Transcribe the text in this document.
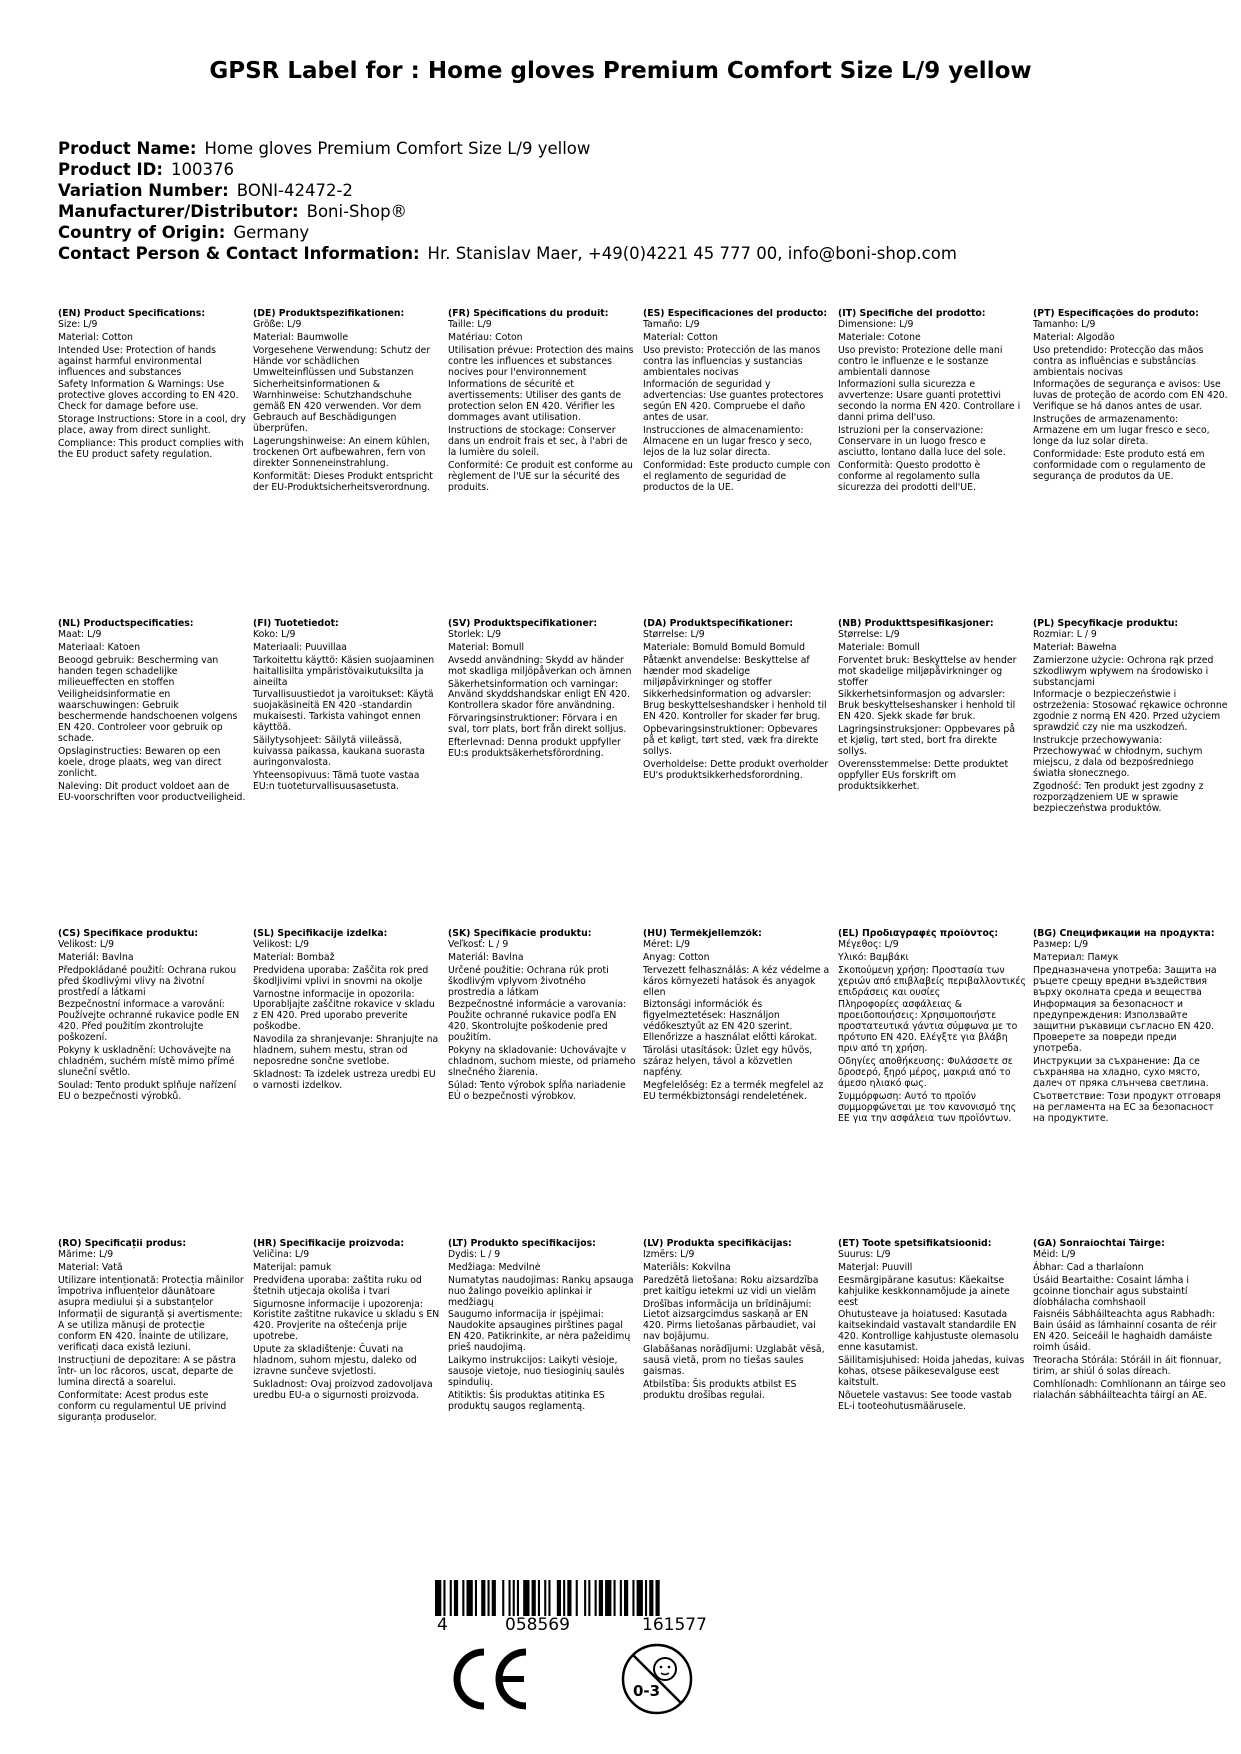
GPSR Label for : Home gloves Premium Comfort Size L/9 yellow
Product Name: Home gloves Premium Comfort Size L/9 yellow
Product ID: 100376
Variation Number: BONI-42472-2
Manufacturer/Distributor: Boni-Shop®
Country of Origin: Germany
Contact Person & Contact Information: Hr. Stanislav Maer, +49(0)4221 45 777 00, info@boni-shop.com
(EN) Product Specifications:
Size: L/9
Material: Cotton
Intended Use: Protection of hands against harmful environmental influences and substances
Safety Information & Warnings: Use protective gloves according to EN 420. Check for damage before use.
Storage Instructions: Store in a cool, dry place, away from direct sunlight.
Compliance: This product complies with the EU product safety regulation.
(DE) Produktspezifikationen:
Größe: L/9
Material: Baumwolle
Vorgesehene Verwendung: Schutz der Hände vor schädlichen Umwelteinflüssen und Substanzen
Sicherheitsinformationen & Warnhinweise: Schutzhandschuhe gemäß EN 420 verwenden. Vor dem Gebrauch auf Beschädigungen überprüfen.
Lagerungshinweise: An einem kühlen, trockenen Ort aufbewahren, fern von direkter Sonneneinstrahlung.
Konformität: Dieses Produkt entspricht der EU-Produktsicherheitsverordnung.
(FR) Spécifications du produit:
Taille: L/9
Matériau: Coton
Utilisation prévue: Protection des mains contre les influences et substances nocives pour l'environnement
Informations de sécurité et avertissements: Utiliser des gants de protection selon EN 420. Vérifier les dommages avant utilisation.
Instructions de stockage: Conserver dans un endroit frais et sec, à l'abri de la lumière du soleil.
Conformité: Ce produit est conforme au règlement de l'UE sur la sécurité des produits.
(ES) Especificaciones del producto:
Tamaño: L/9
Material: Cotton
Uso previsto: Protección de las manos contra las influencias y sustancias ambientales nocivas
Información de seguridad y advertencias: Use guantes protectores según EN 420. Compruebe el daño antes de usar.
Instrucciones de almacenamiento: Almacene en un lugar fresco y seco, lejos de la luz solar directa.
Conformidad: Este producto cumple con el reglamento de seguridad de productos de la UE.
(IT) Specifiche del prodotto:
Dimensione: L/9
Materiale: Cotone
Uso previsto: Protezione delle mani contro le influenze e le sostanze ambientali dannose
Informazioni sulla sicurezza e avvertenze: Usare guanti protettivi secondo la norma EN 420. Controllare i danni prima dell'uso.
Istruzioni per la conservazione: Conservare in un luogo fresco e asciutto, lontano dalla luce del sole.
Conformità: Questo prodotto è conforme al regolamento sulla sicurezza dei prodotti dell'UE.
(PT) Especificações do produto:
Tamanho: L/9
Material: Algodão
Uso pretendido: Protecção das mãos contra as influências e substâncias ambientais nocivas
Informações de segurança e avisos: Use luvas de proteção de acordo com EN 420. Verifique se há danos antes de usar.
Instruções de armazenamento: Armazene em um lugar fresco e seco, longe da luz solar direta.
Conformidade: Este produto está em conformidade com o regulamento de segurança de produtos da UE.
(NL) Productspecificaties:
Maat: L/9
Materiaal: Katoen
Beoogd gebruik: Bescherming van handen tegen schadelijke milieueffecten en stoffen
Veiligheidsinformatie en waarschuwingen: Gebruik beschermende handschoenen volgens EN 420. Controleer voor gebruik op schade.
Opslaginstructies: Bewaren op een koele, droge plaats, weg van direct zonlicht.
Naleving: Dit product voldoet aan de EU-voorschriften voor productveiligheid.
(FI) Tuotetiedot:
Koko: L/9
Materiaali: Puuvillaa
Tarkoitettu käyttö: Käsien suojaaminen haitallisilta ympäristövaikutuksilta ja aineilta
Turvallisuustiedot ja varoitukset: Käytä suojakäsineitä EN 420 -standardin mukaisesti. Tarkista vahingot ennen käyttöä.
Säilytysohjeet: Säilytä viileässä, kuivassa paikassa, kaukana suorasta auringonvalosta.
Yhteensopivuus: Tämä tuote vastaa EU:n tuoteturvallisuusasetusta.
(SV) Produktspecifikationer:
Storlek: L/9
Material: Bomull
Avsedd användning: Skydd av händer mot skadliga miljöpåverkan och ämnen
Säkerhetsinformation och varningar: Använd skyddshandskar enligt EN 420. Kontrollera skador före användning.
Förvaringsinstruktioner: Förvara i en sval, torr plats, bort från direkt solljus.
Efterlevnad: Denna produkt uppfyller EU:s produktsäkerhetsförordning.
(DA) Produktspecifikationer:
Størrelse: L/9
Materiale: Bomuld Bomuld Bomuld
Påtænkt anvendelse: Beskyttelse af hænder mod skadelige miljøpåvirkninger og stoffer
Sikkerhedsinformation og advarsler: Brug beskyttelseshandsker i henhold til EN 420. Kontroller for skader før brug.
Opbevaringsinstruktioner: Opbevares på et køligt, tørt sted, væk fra direkte sollys.
Overholdelse: Dette produkt overholder EU's produktsikkerhedsforordning.
(NB) Produkttspesifikasjoner:
Størrelse: L/9
Materiale: Bomull
Forventet bruk: Beskyttelse av hender mot skadelige miljøpåvirkninger og stoffer
Sikkerhetsinformasjon og advarsler: Bruk beskyttelseshansker i henhold til EN 420. Sjekk skade før bruk.
Lagringsinstruksjoner: Oppbevares på et kjølig, tørt sted, bort fra direkte sollys.
Overensstemmelse: Dette produktet oppfyller EUs forskrift om produktsikkerhet.
(PL) Specyfikacje produktu:
Rozmiar: L / 9
Materiał: Bawełna
Zamierzone użycie: Ochrona rąk przed szkodliwym wpływem na środowisko i substancjami
Informacje o bezpieczeństwie i ostrzeżenia: Stosować rękawice ochronne zgodnie z normą EN 420. Przed użyciem sprawdzić czy nie ma uszkodzeń.
Instrukcje przechowywania: Przechowywać w chłodnym, suchym miejscu, z dala od bezpośredniego światła słonecznego.
Zgodność: Ten produkt jest zgodny z rozporządzeniem UE w sprawie bezpieczeństwa produktów.
(CS) Specifikace produktu:
Velikost: L/9
Materiál: Bavlna
Předpokládané použití: Ochrana rukou před škodlivými vlivy na životní prostředí a látkami
Bezpečnostní informace a varování: Používejte ochranné rukavice podle EN 420. Před použitím zkontrolujte poškození.
Pokyny k uskladnění: Uchovávejte na chladném, suchém místě mimo přímé sluneční světlo.
Soulad: Tento produkt splňuje nařízení EU o bezpečnosti výrobků.
(SL) Specifikacije izdelka:
Velikost: L/9
Material: Bombaž
Predvidena uporaba: Zaščita rok pred škodljivimi vplivi in snovmi na okolje
Varnostne informacije in opozorila: Uporabljajte zaščitne rokavice v skladu z EN 420. Pred uporabo preverite poškodbe.
Navodila za shranjevanje: Shranjujte na hladnem, suhem mestu, stran od neposredne sončne svetlobe.
Skladnost: Ta izdelek ustreza uredbi EU o varnosti izdelkov.
(SK) Špecifikácie produktu:
Veľkosť: L / 9
Materiál: Bavlna
Určené použitie: Ochrana rúk proti škodlivým vplyvom životného prostredia a látkam
Bezpečnostné informácie a varovania: Použite ochranné rukavice podľa EN 420. Skontrolujte poškodenie pred použitím.
Pokyny na skladovanie: Uchovávajte v chladnom, suchom mieste, od priameho slnečného žiarenia.
Súlad: Tento výrobok spĺňa nariadenie EÚ o bezpečnosti výrobkov.
(HU) Termékjellemzők:
Méret: L/9
Anyag: Cotton
Tervezett felhasználás: A kéz védelme a káros környezeti hatások és anyagok ellen
Biztonsági információk és figyelmeztetések: Használjon védőkesztyűt az EN 420 szerint. Ellenőrizze a használat előtti károkat.
Tárolási utasítások: Üzlet egy hűvös, száraz helyen, távol a közvetlen napfény.
Megfelelőség: Ez a termék megfelel az EU termékbiztonsági rendeletének.
(EL) Προδιαγραφές προϊόντος:
Μέγεθος: L/9
Υλικό: Βαμβάκι
Σκοπούμενη χρήση: Προστασία των χεριών από επιβλαβείς περιβαλλοντικές επιδράσεις και ουσίες
Πληροφορίες ασφάλειας & προειδοποιήσεις: Χρησιμοποιήστε προστατευτικά γάντια σύμφωνα με το πρότυπο EN 420. Ελέγξτε για βλάβη πριν από τη χρήση.
Οδηγίες αποθήκευσης: Φυλάσσετε σε δροσερό, ξηρό μέρος, μακριά από το άμεσο ηλιακό φως.
Συμμόρφωση: Αυτό το προϊόν συμμορφώνεται με τον κανονισμό της ΕΕ για την ασφάλεια των προϊόντων.
(BG) Спецификации на продукта:
Размер: L/9
Материал: Памук
Предназначена употреба: Защита на ръцете срещу вредни въздействия върху околната среда и вещества
Информация за безопасност и предупреждения: Използвайте защитни ръкавици съгласно EN 420. Проверете за повреди преди употреба.
Инструкции за съхранение: Да се съхранява на хладно, сухо място, далеч от пряка слънчева светлина.
Съответствие: Този продукт отговаря на регламента на ЕС за безопасност на продуктите.
(RO) Specificații produs:
Mărime: L/9
Material: Vată
Utilizare intenționată: Protecția mâinilor împotriva influențelor dăunătoare asupra mediului și a substanțelor
Informații de siguranță și avertismente: A se utiliza mănuși de protecție conform EN 420. Înainte de utilizare, verificați daca există leziuni.
Instrucțiuni de depozitare: A se păstra într- un loc răcoros, uscat, departe de lumina directă a soarelui.
Conformitate: Acest produs este conform cu regulamentul UE privind siguranța produselor.
(HR) Specifikacije proizvoda:
Veličina: L/9
Materijal: pamuk
Predviđena uporaba: zaštita ruku od štetnih utjecaja okoliša i tvari
Sigurnosne informacije i upozorenja: Koristite zaštitne rukavice u skladu s EN 420. Provjerite na oštećenja prije upotrebe.
Upute za skladištenje: Čuvati na hladnom, suhom mjestu, daleko od izravne sunčeve svjetlosti.
Sukladnost: Ovaj proizvod zadovoljava uredbu EU-a o sigurnosti proizvoda.
(LT) Produkto specifikacijos:
Dydis: L / 9
Medžiaga: Medvilnė
Numatytas naudojimas: Rankų apsauga nuo žalingo poveikio aplinkai ir medžiagų
Saugumo informacija ir įspėjimai: Naudokite apsaugines pirštines pagal EN 420. Patikrinkite, ar nėra pažeidimų prieš naudojimą.
Laikymo instrukcijos: Laikyti vėsioje, sausoje vietoje, nuo tiesioginių saulės spindulių.
Atitiktis: Šis produktas atitinka ES produktų saugos reglamentą.
(LV) Produkta specifikācijas:
Izmērs: L/9
Materiāls: Kokvilna
Paredzētā lietošana: Roku aizsardzība pret kaitīgu ietekmi uz vidi un vielām
Drošības informācija un brīdinājumi: Lietot aizsargcimdus saskaņā ar EN 420. Pirms lietošanas pārbaudiet, vai nav bojājumu.
Glabāšanas norādījumi: Uzglabāt vēsā, sausā vietā, prom no tiešas saules gaismas.
Atbilstība: Šis produkts atbilst ES produktu drošības regulai.
(ET) Toote spetsifikatsioonid:
Suurus: L/9
Materjal: Puuvill
Eesmärgipärane kasutus: Käekaitse kahjulike keskkonnamõjude ja ainete eest
Ohutusteave ja hoiatused: Kasutada kaitsekindaid vastavalt standardile EN 420. Kontrollige kahjustuste olemasolu enne kasutamist.
Säilitamisjuhised: Hoida jahedas, kuivas kohas, otsese päikesevalguse eest kaitstult.
Nõuetele vastavus: See toode vastab EL-i tooteohutusmäärusele.
(GA) Sonraíochtaí Táirge:
Méid: L/9
Ábhar: Cad a tharlaíonn
Úsáid Beartaithe: Cosaint lámha i gcoinne tionchair agus substaintí díobhálacha comhshaoil
Faisnéis Sábháilteachta agus Rabhadh: Bain úsáid as lámhainní cosanta de réir EN 420. Seiceáil le haghaidh damáiste roimh úsáid.
Treoracha Stórála: Stóráil in áit fionnuar, tirim, ar shiúl ó solas díreach.
Comhlíonadh: Comhlíonann an táirge seo rialachán sábháilteachta táirgí an AE.
4	058569	161577
0-3
